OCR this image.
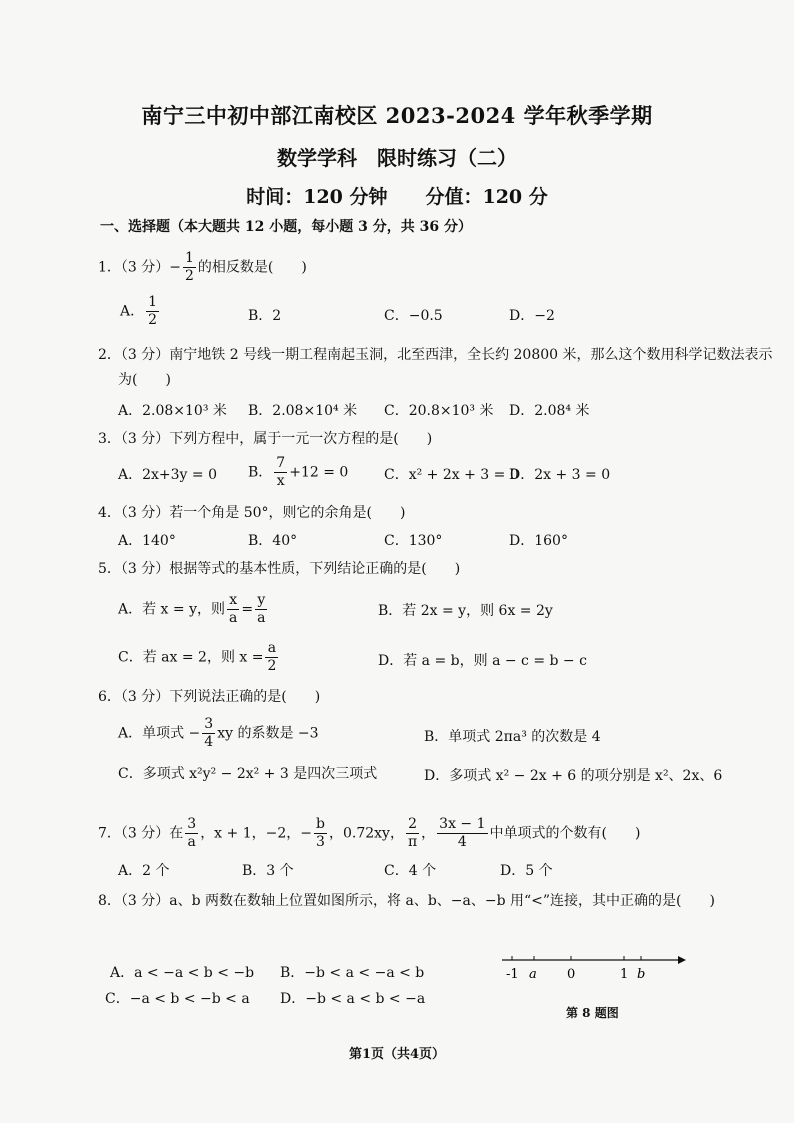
南宁三中初中部江南校区 2023-2024 学年秋季学期
数学学科　限时练习（二）
时间：120 分钟　　分值：120 分
一、选择题（本大题共 12 小题，每小题 3 分，共 36 分）
1．（3 分）− $\frac{1}{2}$ 的相反数是(　　)
A． $\frac{1}{2}$	B．2	C．−0.5	D．−2
2．（3 分）南宁地铁 2 号线一期工程南起玉洞，北至西津，全长约 20800 米，那么这个数用科学记数法表示
为(　　)
A．2.08×10³ 米 B．2.08×10⁴ 米 C．20.8×10³ 米 D．2.08⁴ 米
3．（3 分）下列方程中，属于一元一次方程的是(　　)
A．2x+3y = 0 B． $\frac{7}{x} +12 = 0$	C．x² + 2x + 3 = 0
D．2x + 3 = 0
4．（3 分）若一个角是 50°，则它的余角是(　　)
A．140°	B．40°	C．130°	D．160°
5．（3 分）根据等式的基本性质，下列结论正确的是(　　)
A．若 x = y，则 $\frac{x}{a} = \frac{y}{a}$	B．若 2x = y，则 6x = 2y
C．若 ax = 2，则 $x = \frac{a}{2}$	D．若 a = b，则 a − c = b − c
6．（3 分）下列说法正确的是(　　)
A．单项式 − $\frac{3}{4}$ xy 的系数是 −3	B．单项式 2πa³ 的次数是 4
C．多项式 x²y² − 2x² + 3 是四次三项式	D．多项式 x² − 2x + 6 的项分别是 x²、2x、6
7．（3 分）在 $\frac{3}{a}$ ，x + 1，−2，− $\frac{b}{3}$ ，0.72xy， $\frac{2}{\pi}$ ， $\frac{3x - 1}{4}$ 中单项式的个数有(　　)
A．2 个	B．3 个	C．4 个	D．5 个
8．（3 分）a、b 两数在数轴上位置如图所示，将 a、b、−a、−b 用“<”连接，其中正确的是(　　)
A．a < −a < b < −b B．−b < a < −a < b
C．−a < b < −b < a D．−b < a < b < −a
-1 a 0	1 b
第 8 题图
第1页（共4页）
